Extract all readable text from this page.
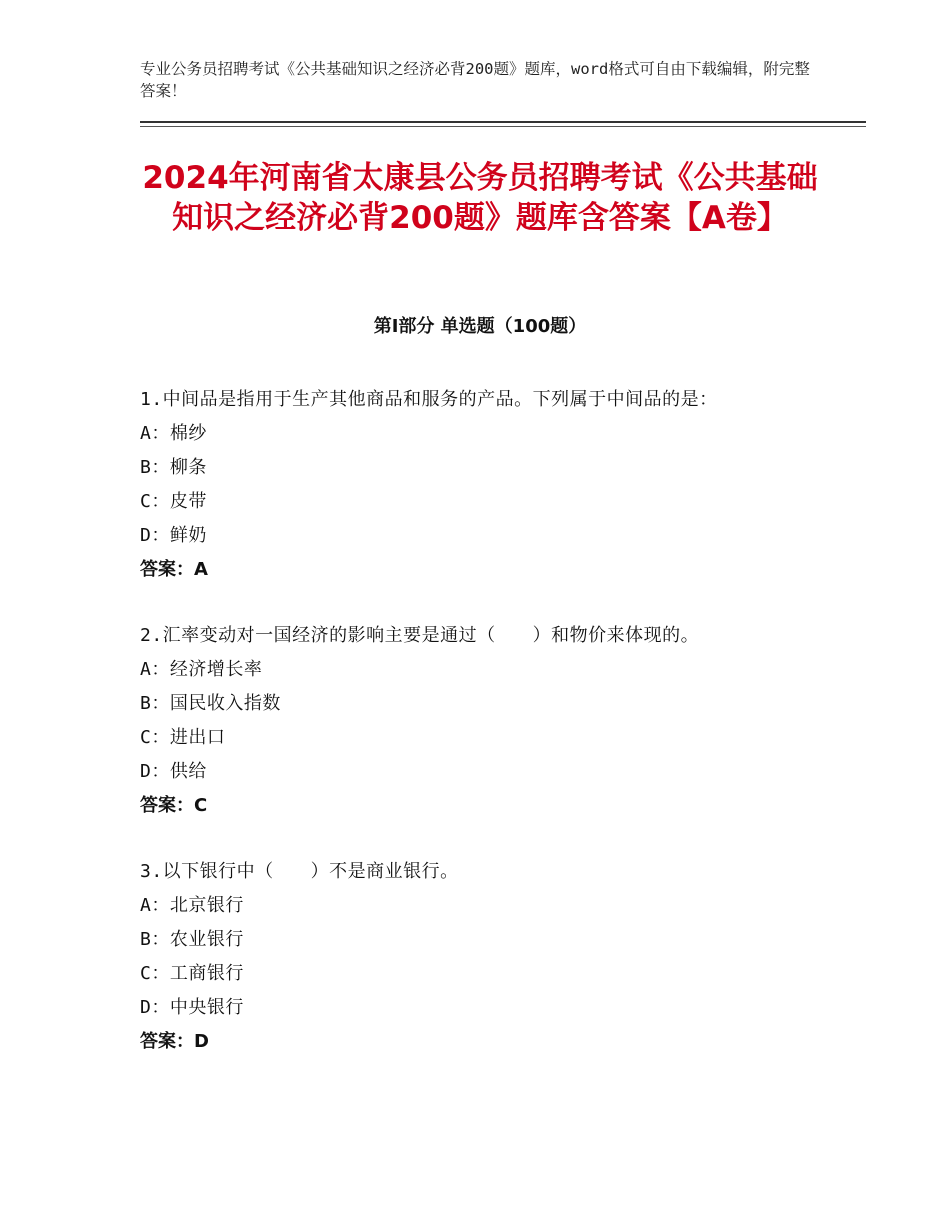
专业公务员招聘考试《公共基础知识之经济必背200题》题库，word格式可自由下载编辑，附完整答案！
2024年河南省太康县公务员招聘考试《公共基础知识之经济必背200题》题库含答案【A卷】
第I部分 单选题（100题）
1.中间品是指用于生产其他商品和服务的产品。下列属于中间品的是：
A：棉纱
B：柳条
C：皮带
D：鲜奶
答案：A
2.汇率变动对一国经济的影响主要是通过（　　）和物价来体现的。
A：经济增长率
B：国民收入指数
C：进出口
D：供给
答案：C
3.以下银行中（　　）不是商业银行。
A：北京银行
B：农业银行
C：工商银行
D：中央银行
答案：D
